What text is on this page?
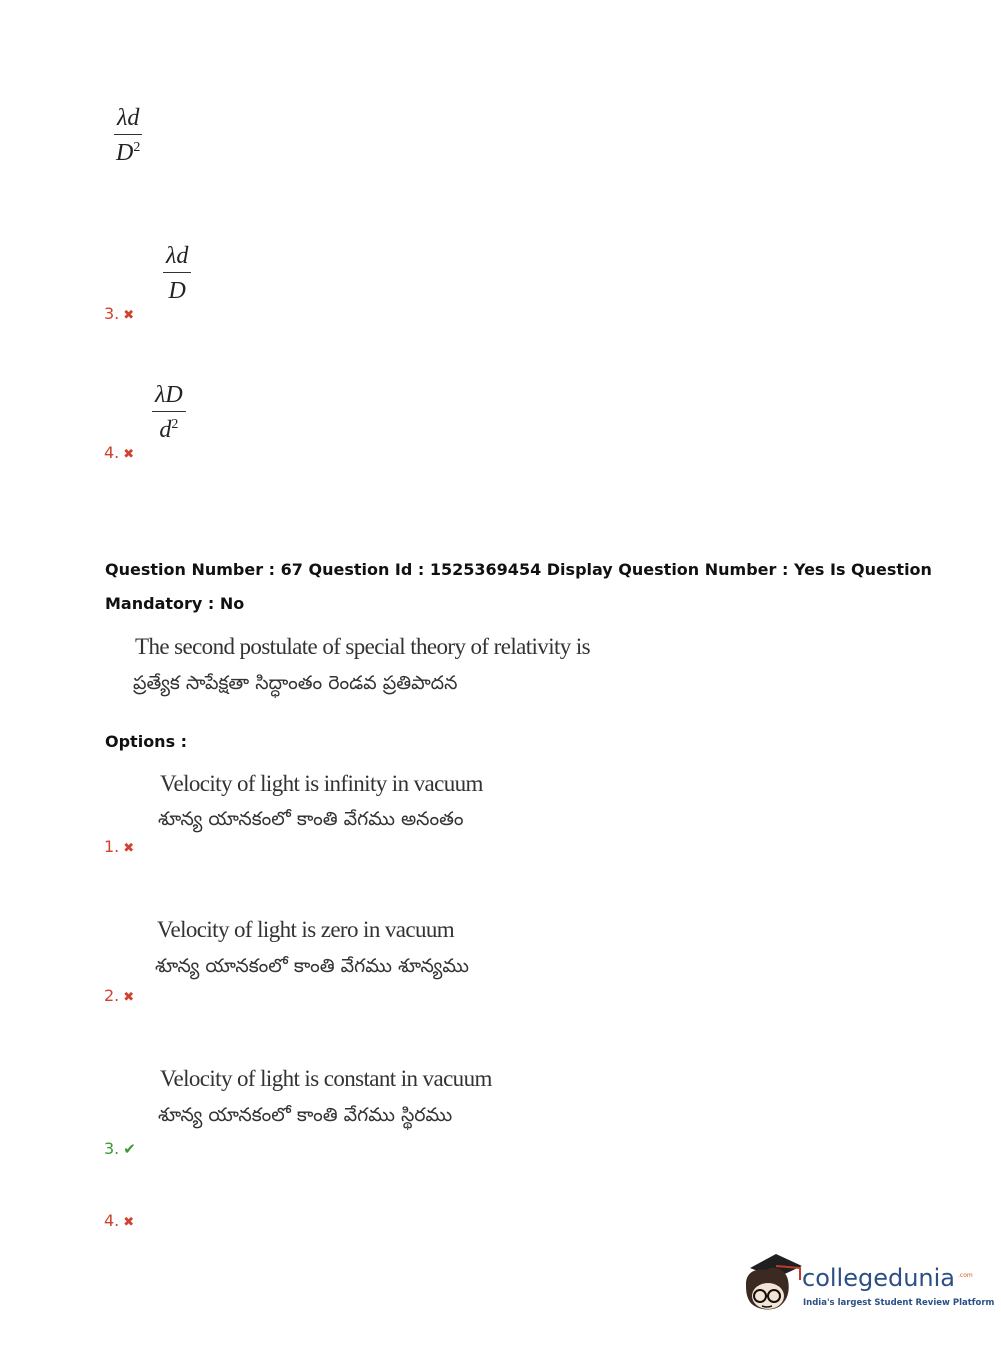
$\frac{\lambda d}{D^2}$
$\frac{\lambda d}{D}$
3. ✖
$\frac{\lambda D}{d^2}$
4. ✖
Question Number : 67 Question Id : 1525369454 Display Question Number : Yes Is Question
Mandatory : No
The second postulate of special theory of relativity is
ప్రత్యేక సాపేక్షతా సిద్ధాంతం రెండవ ప్రతిపాదన
Options :
Velocity of light is infinity in vacuum
శూన్య యానకంలో కాంతి వేగము అనంతం
1. ✖
Velocity of light is zero in vacuum
శూన్య యానకంలో కాంతి వేగము శూన్యము
2. ✖
Velocity of light is constant in vacuum
శూన్య యానకంలో కాంతి వేగము స్థిరము
3. ✔
4. ✖
collegedunia .com
India's largest Student Review Platform
